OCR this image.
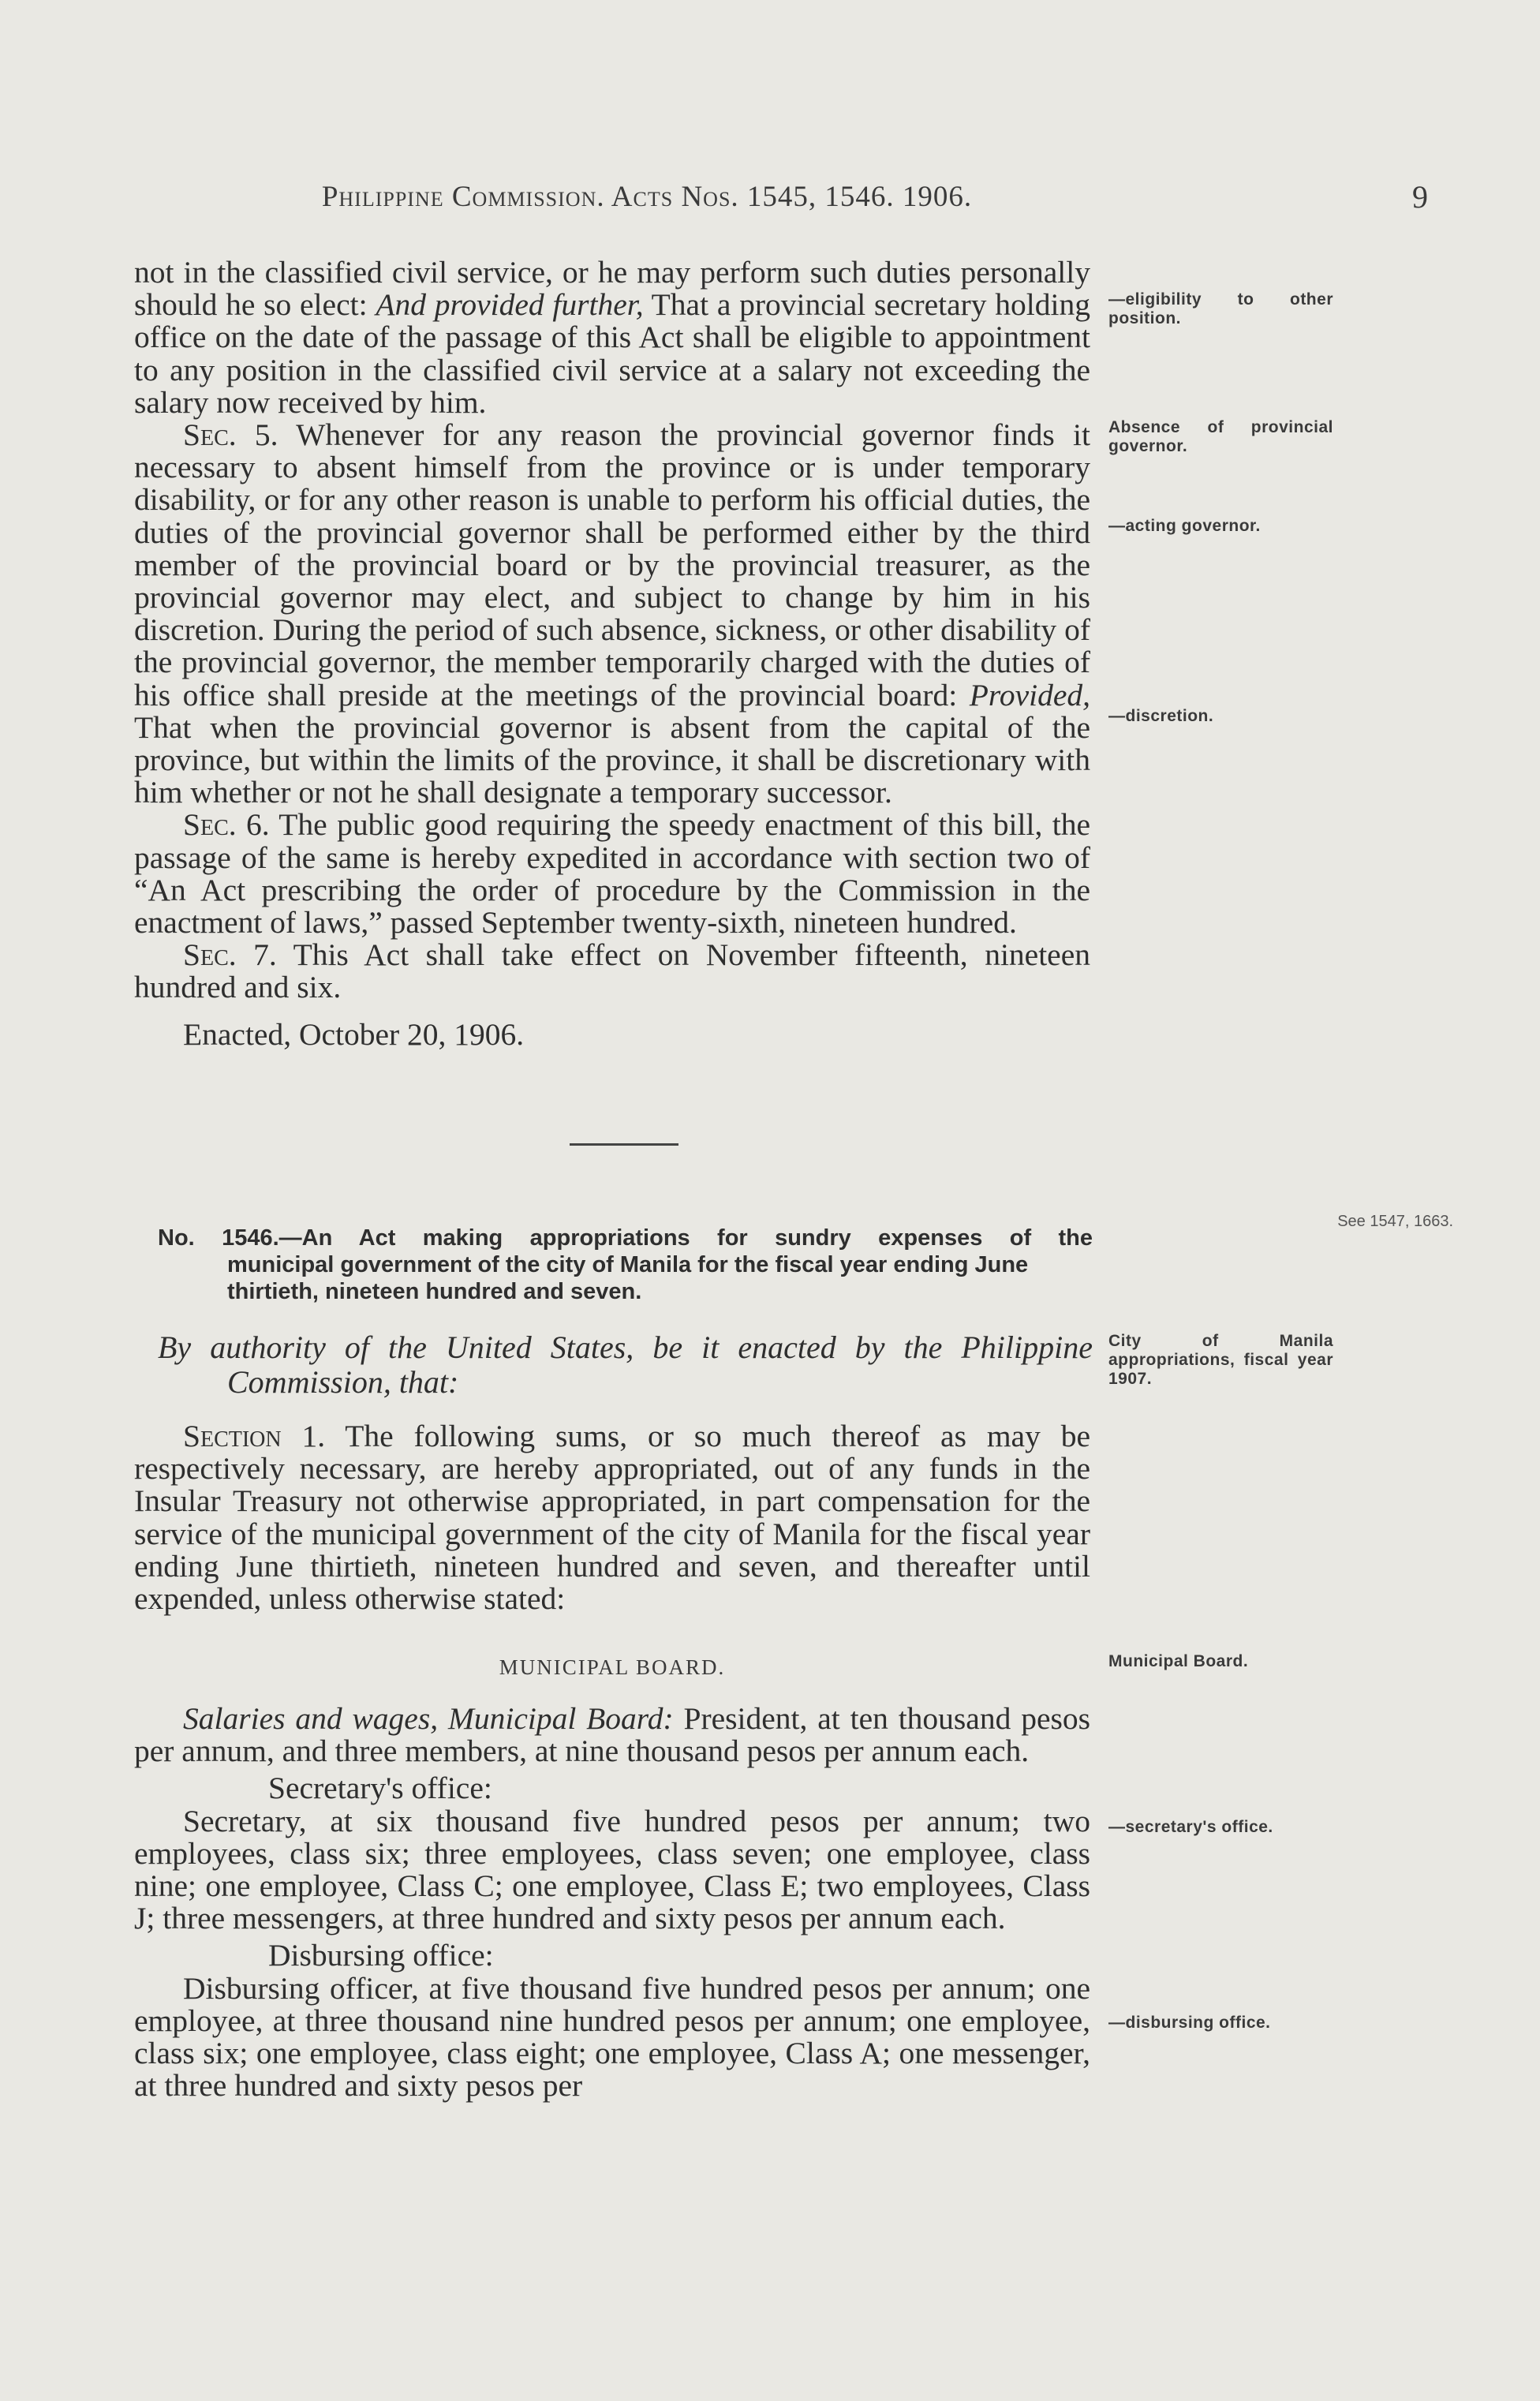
Philippine Commission. Acts Nos. 1545, 1546. 1906.	9

not in the classified civil service, or he may perform such duties personally should he so elect: And provided further, That a provincial secretary holding office on the date of the passage of this Act shall be eligible to appointment to any position in the classified civil service at a salary not exceeding the salary now received by him.

Sec. 5. Whenever for any reason the provincial governor finds it necessary to absent himself from the province or is under temporary disability, or for any other reason is unable to perform his official duties, the duties of the provincial governor shall be performed either by the third member of the provincial board or by the provincial treasurer, as the provincial governor may elect, and subject to change by him in his discretion. During the period of such absence, sickness, or other disability of the provincial governor, the member temporarily charged with the duties of his office shall preside at the meetings of the provincial board: Provided, That when the provincial governor is absent from the capital of the province, but within the limits of the province, it shall be discretionary with him whether or not he shall designate a temporary successor.

Sec. 6. The public good requiring the speedy enactment of this bill, the passage of the same is hereby expedited in accordance with section two of “An Act prescribing the order of procedure by the Commission in the enactment of laws,” passed September twenty-sixth, nineteen hundred.

Sec. 7. This Act shall take effect on November fifteenth, nineteen hundred and six.

Enacted, October 20, 1906.

—eligibility to other position.
Absence of provincial governor.
—acting governor.
—discretion.
See 1547, 1663.
No. 1546.—An Act making appropriations for sundry expenses of the
municipal government of the city of Manila for the fiscal year ending June thirtieth, nineteen hundred and seven.
By authority of the United States, be it enacted by the Philippine
Commission, that:
City of Manila appropriations, fiscal year 1907.

Section 1. The following sums, or so much thereof as may be respectively necessary, are hereby appropriated, out of any funds in the Insular Treasury not otherwise appropriated, in part compensation for the service of the municipal government of the city of Manila for the fiscal year ending June thirtieth, nineteen hundred and seven, and thereafter until expended, unless otherwise stated:

MUNICIPAL BOARD.	Municipal Board.

Salaries and wages, Municipal Board: President, at ten thousand pesos per annum, and three members, at nine thousand pesos per annum each.

Secretary's office:

Secretary, at six thousand five hundred pesos per annum; two employees, class six; three employees, class seven; one employee, class nine; one employee, Class C; one employee, Class E; two employees, Class J; three messengers, at three hundred and sixty pesos per annum each.

Disbursing office:

Disbursing officer, at five thousand five hundred pesos per annum; one employee, at three thousand nine hundred pesos per annum; one employee, class six; one employee, class eight; one employee, Class A; one messenger, at three hundred and sixty pesos per

—secretary's office.
—disbursing office.
